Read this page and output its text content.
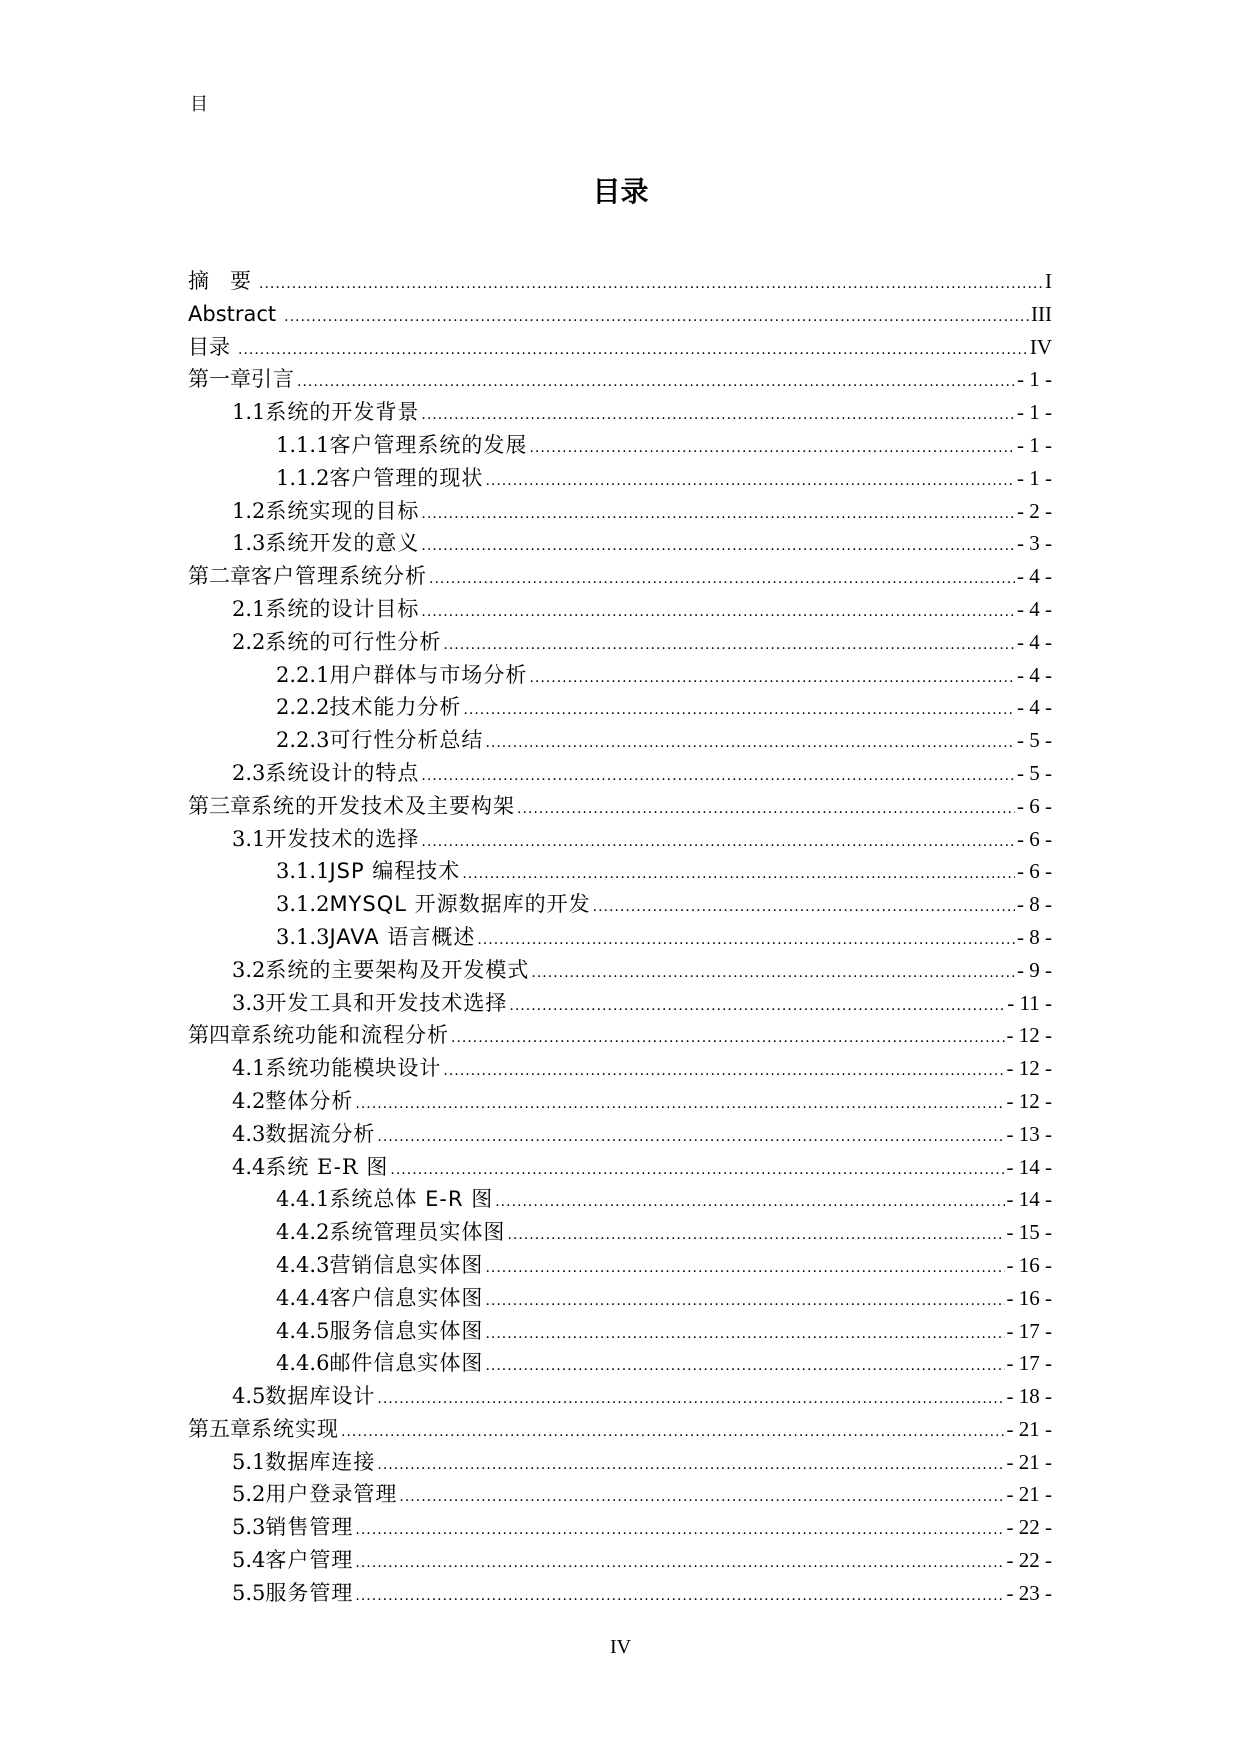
目
目录
摘　要 .....	I
Abstract .....	III
目录 .....	IV
第一章 引言 .....	- 1 -
1.1 系统的开发背景 .....	- 1 -
1.1.1 客户管理系统的发展 .....	- 1 -
1.1.2 客户管理的现状 .....	- 1 -
1.2 系统实现的目标 .....	- 2 -
1.3 系统开发的意义 .....	- 3 -
第二章 客户管理系统分析 .....	- 4 -
2.1 系统的设计目标 .....	- 4 -
2.2 系统的可行性分析 .....	- 4 -
2.2.1 用户群体与市场分析 .....	- 4 -
2.2.2 技术能力分析 .....	- 4 -
2.2.3 可行性分析总结 .....	- 5 -
2.3 系统设计的特点 .....	- 5 -
第三章 系统的开发技术及主要构架 .....	- 6 -
3.1 开发技术的选择 .....	- 6 -
3.1.1 JSP 编程技术 .....	- 6 -
3.1.2 MYSQL 开源数据库的开发 .....	- 8 -
3.1.3 JAVA 语言概述 .....	- 8 -
3.2 系统的主要架构及开发模式 .....	- 9 -
3.3 开发工具和开发技术选择 .....	- 11 -
第四章 系统功能和流程分析 .....	- 12 -
4.1 系统功能模块设计 .....	- 12 -
4.2 整体分析 .....	- 12 -
4.3 数据流分析 .....	- 13 -
4.4 系统 E-R 图 .....	- 14 -
4.4.1 系统总体 E-R 图 .....	- 14 -
4.4.2 系统管理员实体图 .....	- 15 -
4.4.3 营销信息实体图 .....	- 16 -
4.4.4 客户信息实体图 .....	- 16 -
4.4.5 服务信息实体图 .....	- 17 -
4.4.6 邮件信息实体图 .....	- 17 -
4.5 数据库设计 .....	- 18 -
第五章 系统实现 .....	- 21 -
5.1 数据库连接 .....	- 21 -
5.2 用户登录管理 .....	- 21 -
5.3 销售管理 .....	- 22 -
5.4 客户管理 .....	- 22 -
5.5 服务管理 .....	- 23 -
IV
